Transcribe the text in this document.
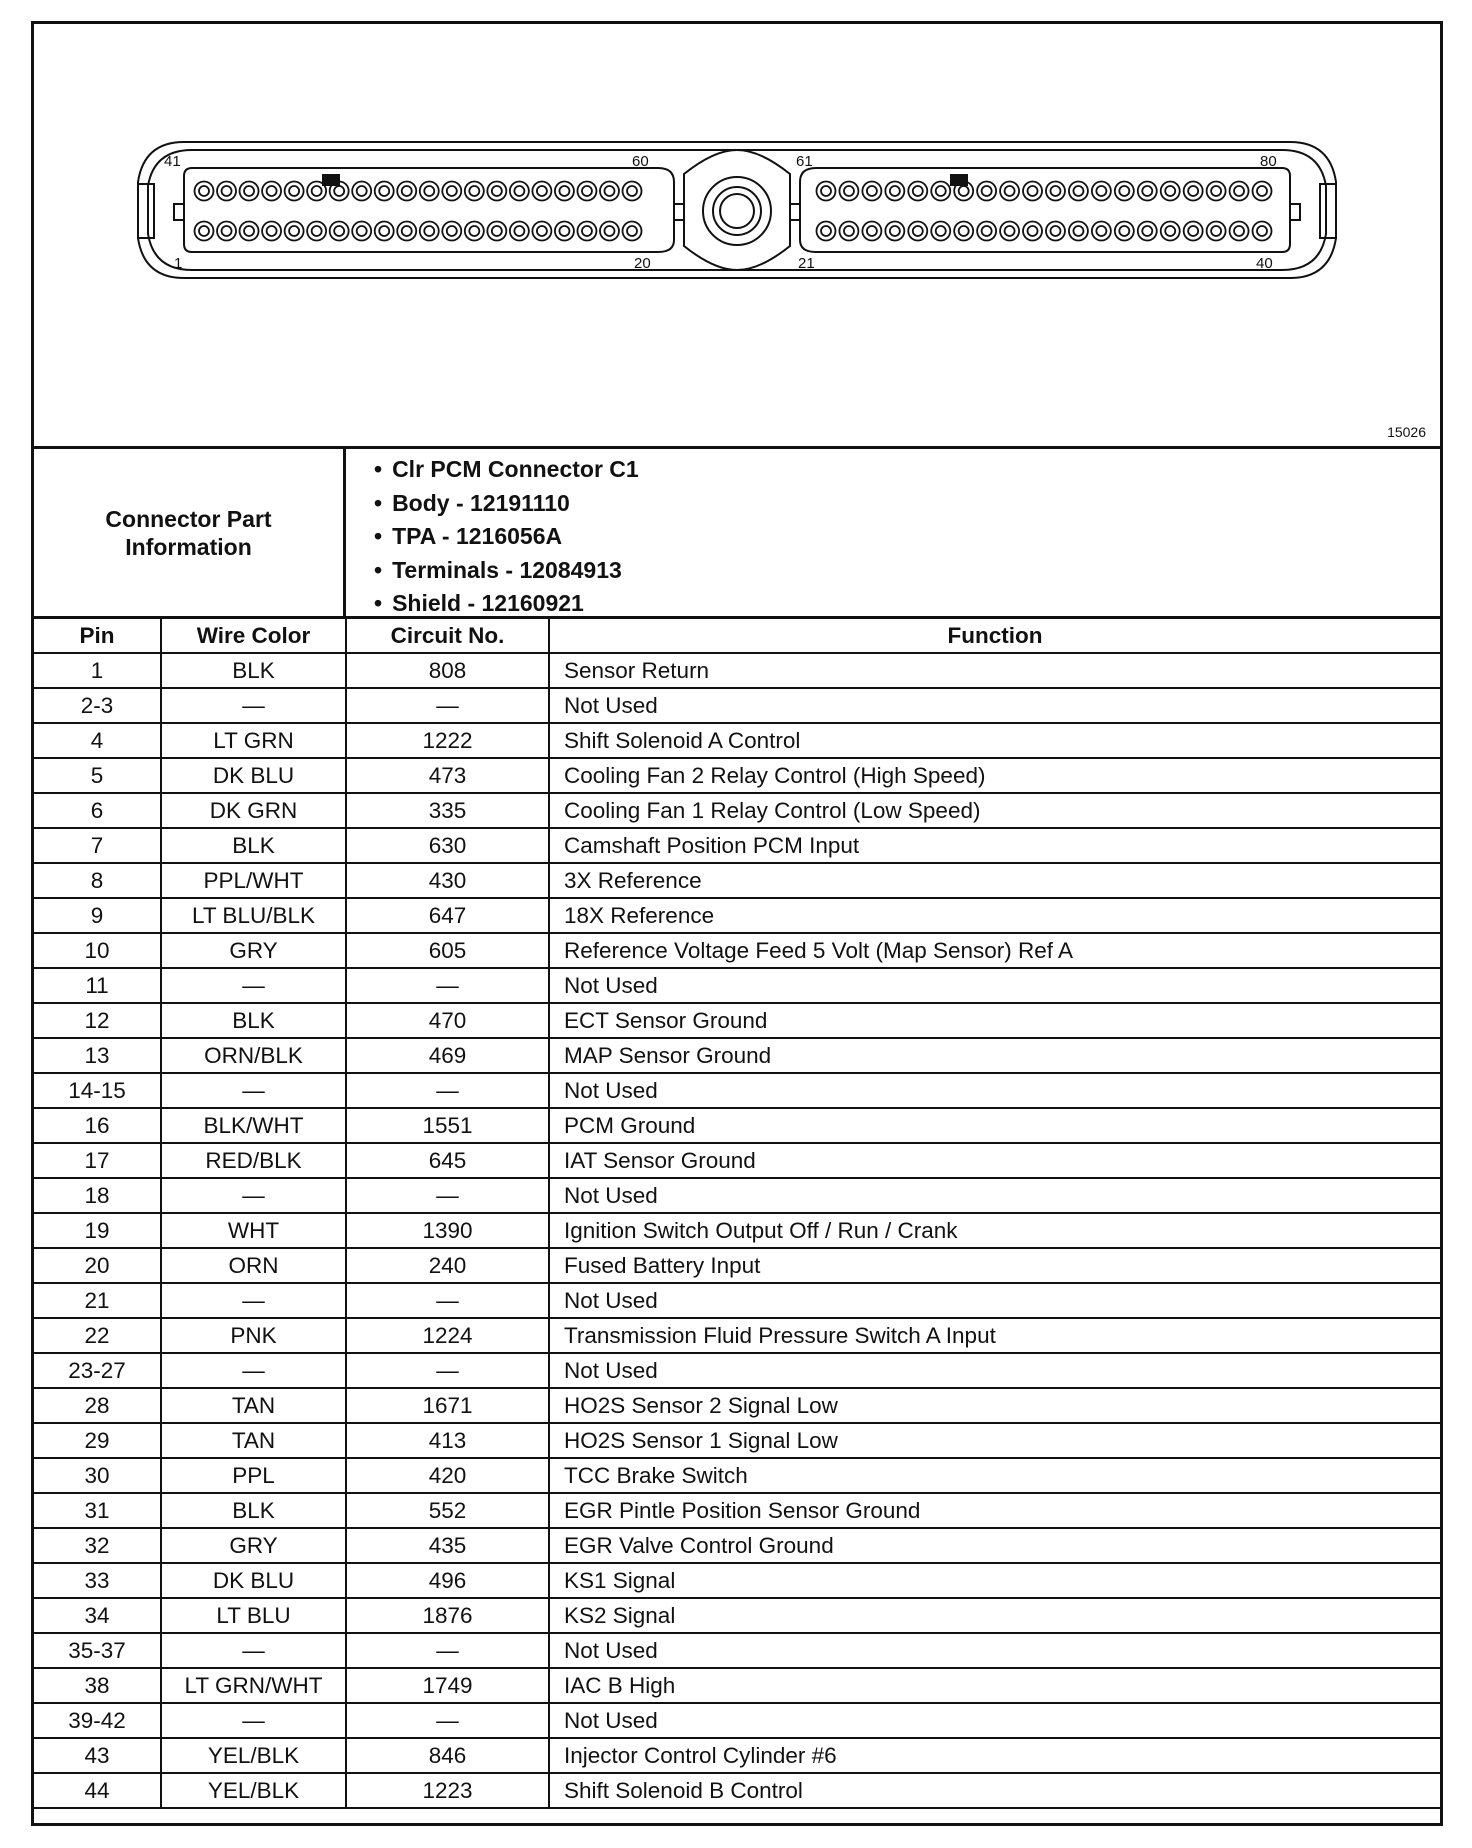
41	60
1	20
61	80
21	40
15026
Connector Part Information
• Clr PCM Connector C1
• Body - 12191110
• TPA - 1216056A
• Terminals - 12084913
• Shield - 12160921
Pin	Wire Color	Circuit No.	Function
1	BLK	808	Sensor Return
2-3	—	—	Not Used
4	LT GRN	1222	Shift Solenoid A Control
5	DK BLU	473	Cooling Fan 2 Relay Control (High Speed)
6	DK GRN	335	Cooling Fan 1 Relay Control (Low Speed)
7	BLK	630	Camshaft Position PCM Input
8	PPL/WHT	430	3X Reference
9	LT BLU/BLK	647	18X Reference
10	GRY	605	Reference Voltage Feed 5 Volt (Map Sensor) Ref A
11	—	—	Not Used
12	BLK	470	ECT Sensor Ground
13	ORN/BLK	469	MAP Sensor Ground
14-15	—	—	Not Used
16	BLK/WHT	1551	PCM Ground
17	RED/BLK	645	IAT Sensor Ground
18	—	—	Not Used
19	WHT	1390	Ignition Switch Output Off / Run / Crank
20	ORN	240	Fused Battery Input
21	—	—	Not Used
22	PNK	1224	Transmission Fluid Pressure Switch A Input
23-27	—	—	Not Used
28	TAN	1671	HO2S Sensor 2 Signal Low
29	TAN	413	HO2S Sensor 1 Signal Low
30	PPL	420	TCC Brake Switch
31	BLK	552	EGR Pintle Position Sensor Ground
32	GRY	435	EGR Valve Control Ground
33	DK BLU	496	KS1 Signal
34	LT BLU	1876	KS2 Signal
35-37	—	—	Not Used
38	LT GRN/WHT	1749	IAC B High
39-42	—	—	Not Used
43	YEL/BLK	846	Injector Control Cylinder #6
44	YEL/BLK	1223	Shift Solenoid B Control
